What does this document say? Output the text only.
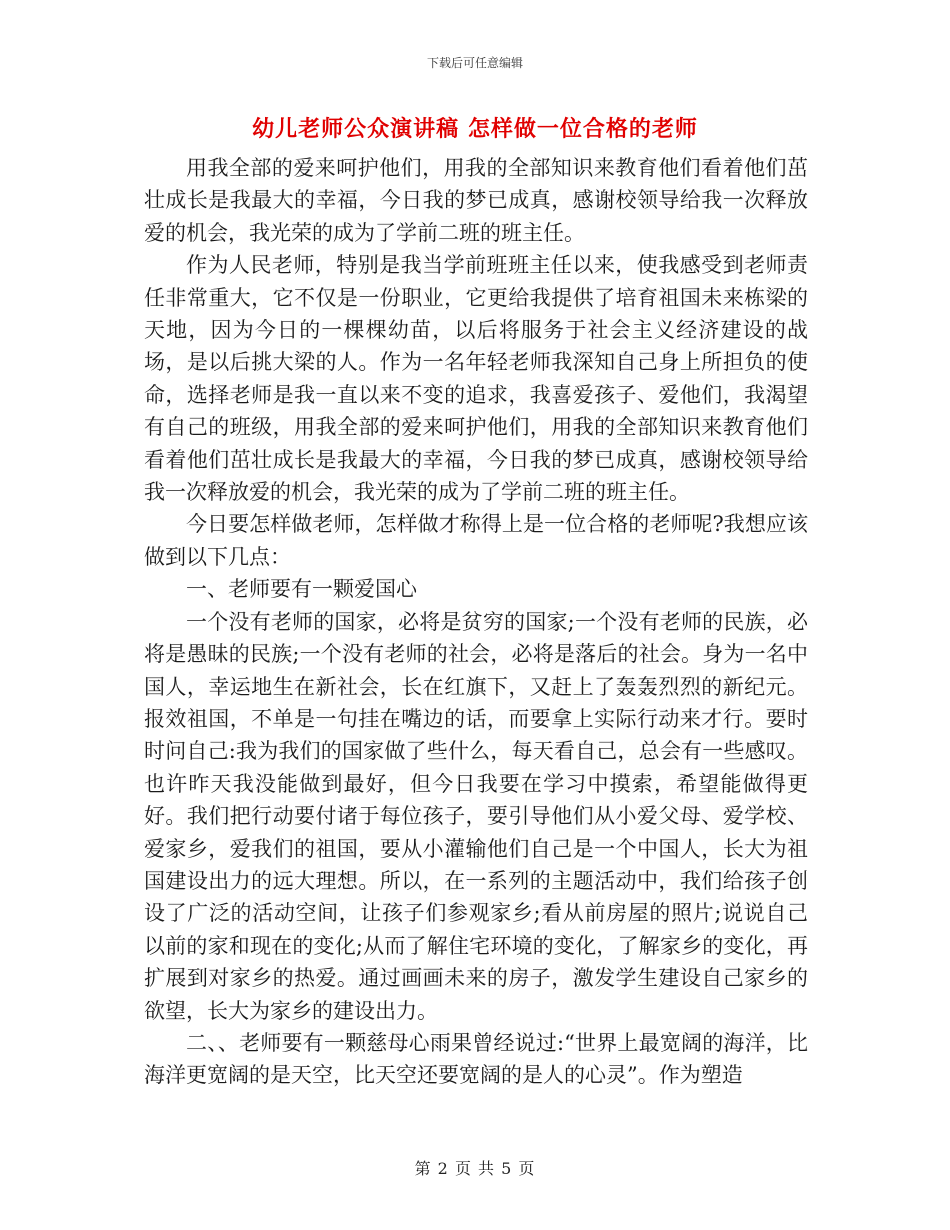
下载后可任意编辑
幼儿老师公众演讲稿 怎样做一位合格的老师

用我全部的爱来呵护他们，用我的全部知识来教育他们看着他们茁壮成长是我最大的幸福，今日我的梦已成真，感谢校领导给我一次释放爱的机会，我光荣的成为了学前二班的班主任。

作为人民老师，特别是我当学前班班主任以来，使我感受到老师责任非常重大，它不仅是一份职业，它更给我提供了培育祖国未来栋梁的天地，因为今日的一棵棵幼苗，以后将服务于社会主义经济建设的战场，是以后挑大梁的人。作为一名年轻老师我深知自己身上所担负的使命，选择老师是我一直以来不变的追求，我喜爱孩子、爱他们，我渴望有自己的班级，用我全部的爱来呵护他们，用我的全部知识来教育他们看着他们茁壮成长是我最大的幸福，今日我的梦已成真，感谢校领导给我一次释放爱的机会，我光荣的成为了学前二班的班主任。

今日要怎样做老师，怎样做才称得上是一位合格的老师呢?我想应该做到以下几点：

一、老师要有一颗爱国心

一个没有老师的国家，必将是贫穷的国家;一个没有老师的民族，必将是愚昧的民族;一个没有老师的社会，必将是落后的社会。身为一名中国人，幸运地生在新社会，长在红旗下，又赶上了轰轰烈烈的新纪元。报效祖国，不单是一句挂在嘴边的话，而要拿上实际行动来才行。要时时问自己:我为我们的国家做了些什么，每天看自己，总会有一些感叹。也许昨天我没能做到最好，但今日我要在学习中摸索，希望能做得更好。我们把行动要付诸于每位孩子，要引导他们从小爱父母、爱学校、爱家乡，爱我们的祖国，要从小灌输他们自己是一个中国人，长大为祖国建设出力的远大理想。所以，在一系列的主题活动中，我们给孩子创设了广泛的活动空间，让孩子们参观家乡;看从前房屋的照片;说说自己以前的家和现在的变化;从而了解住宅环境的变化，了解家乡的变化，再扩展到对家乡的热爱。通过画画未来的房子，激发学生建设自己家乡的欲望，长大为家乡的建设出力。

二、、老师要有一颗慈母心雨果曾经说过:“世界上最宽阔的海洋，比海洋更宽阔的是天空，比天空还要宽阔的是人的心灵”。作为塑造

第 2 页 共 5 页
